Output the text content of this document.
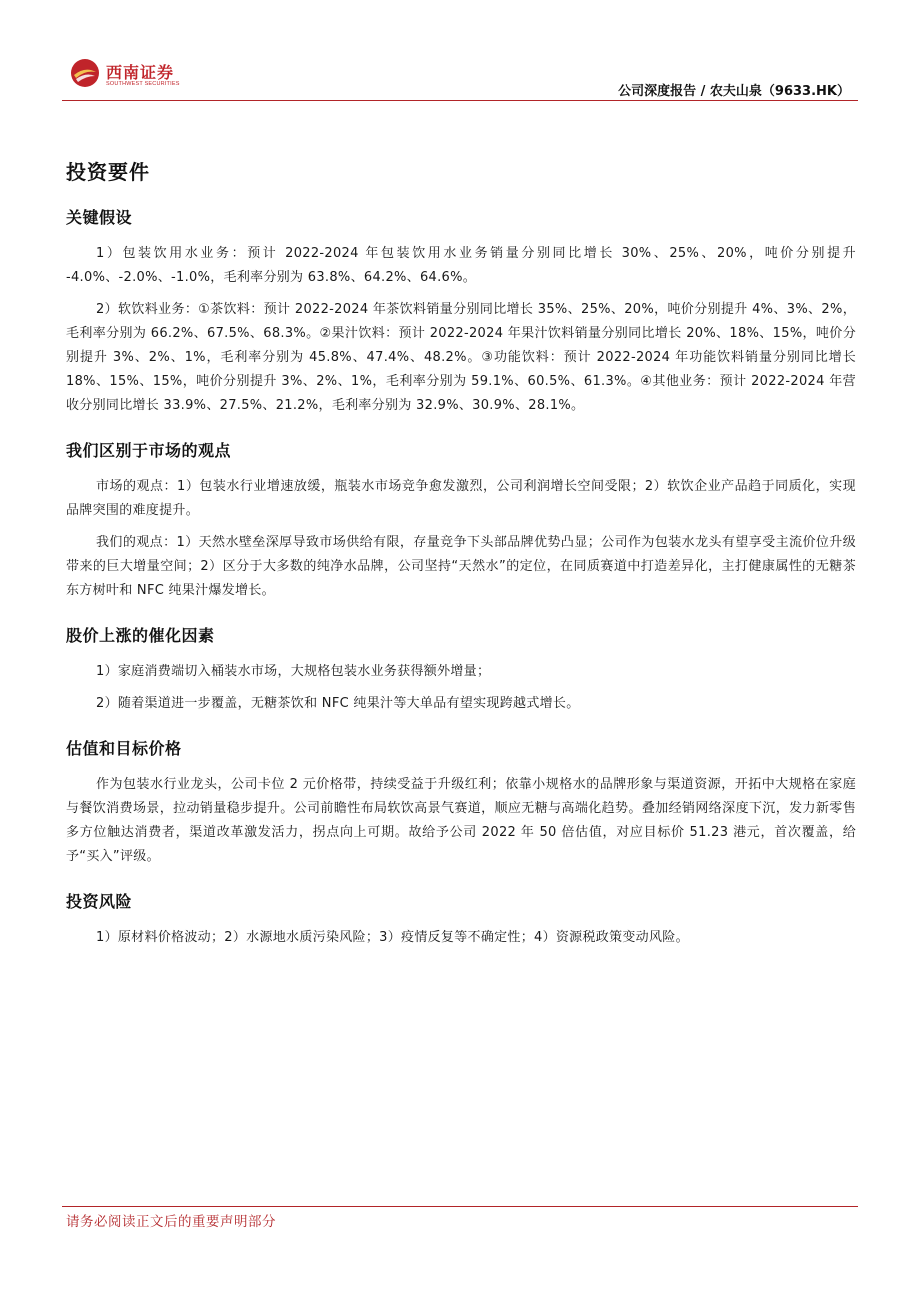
西南证券
SOUTHWEST SECURITIES	公司深度报告 / 农夫山泉（9633.HK）
投资要件
关键假设

1）包装饮用水业务：预计 2022-2024 年包装饮用水业务销量分别同比增长 30%、25%、20%，吨价分别提升 -4.0%、-2.0%、-1.0%，毛利率分别为 63.8%、64.2%、64.6%。

2）软饮料业务：①茶饮料：预计 2022-2024 年茶饮料销量分别同比增长 35%、25%、20%，吨价分别提升 4%、3%、2%，毛利率分别为 66.2%、67.5%、68.3%。②果汁饮料：预计 2022-2024 年果汁饮料销量分别同比增长 20%、18%、15%，吨价分别提升 3%、2%、1%，毛利率分别为 45.8%、47.4%、48.2%。③功能饮料：预计 2022-2024 年功能饮料销量分别同比增长 18%、15%、15%，吨价分别提升 3%、2%、1%，毛利率分别为 59.1%、60.5%、61.3%。④其他业务：预计 2022-2024 年营收分别同比增长 33.9%、27.5%、21.2%，毛利率分别为 32.9%、30.9%、28.1%。

我们区别于市场的观点

市场的观点：1）包装水行业增速放缓，瓶装水市场竞争愈发激烈，公司利润增长空间受限；2）软饮企业产品趋于同质化，实现品牌突围的难度提升。

我们的观点：1）天然水壁垒深厚导致市场供给有限，存量竞争下头部品牌优势凸显；公司作为包装水龙头有望享受主流价位升级带来的巨大增量空间；2）区分于大多数的纯净水品牌，公司坚持“天然水”的定位，在同质赛道中打造差异化，主打健康属性的无糖茶东方树叶和 NFC 纯果汁爆发增长。

股价上涨的催化因素

1）家庭消费端切入桶装水市场，大规格包装水业务获得额外增量；

2）随着渠道进一步覆盖，无糖茶饮和 NFC 纯果汁等大单品有望实现跨越式增长。

估值和目标价格

作为包装水行业龙头，公司卡位 2 元价格带，持续受益于升级红利；依靠小规格水的品牌形象与渠道资源，开拓中大规格在家庭与餐饮消费场景，拉动销量稳步提升。公司前瞻性布局软饮高景气赛道，顺应无糖与高端化趋势。叠加经销网络深度下沉，发力新零售多方位触达消费者，渠道改革激发活力，拐点向上可期。故给予公司 2022 年 50 倍估值，对应目标价 51.23 港元，首次覆盖，给予“买入”评级。

投资风险

1）原材料价格波动；2）水源地水质污染风险；3）疫情反复等不确定性；4）资源税政策变动风险。

请务必阅读正文后的重要声明部分
